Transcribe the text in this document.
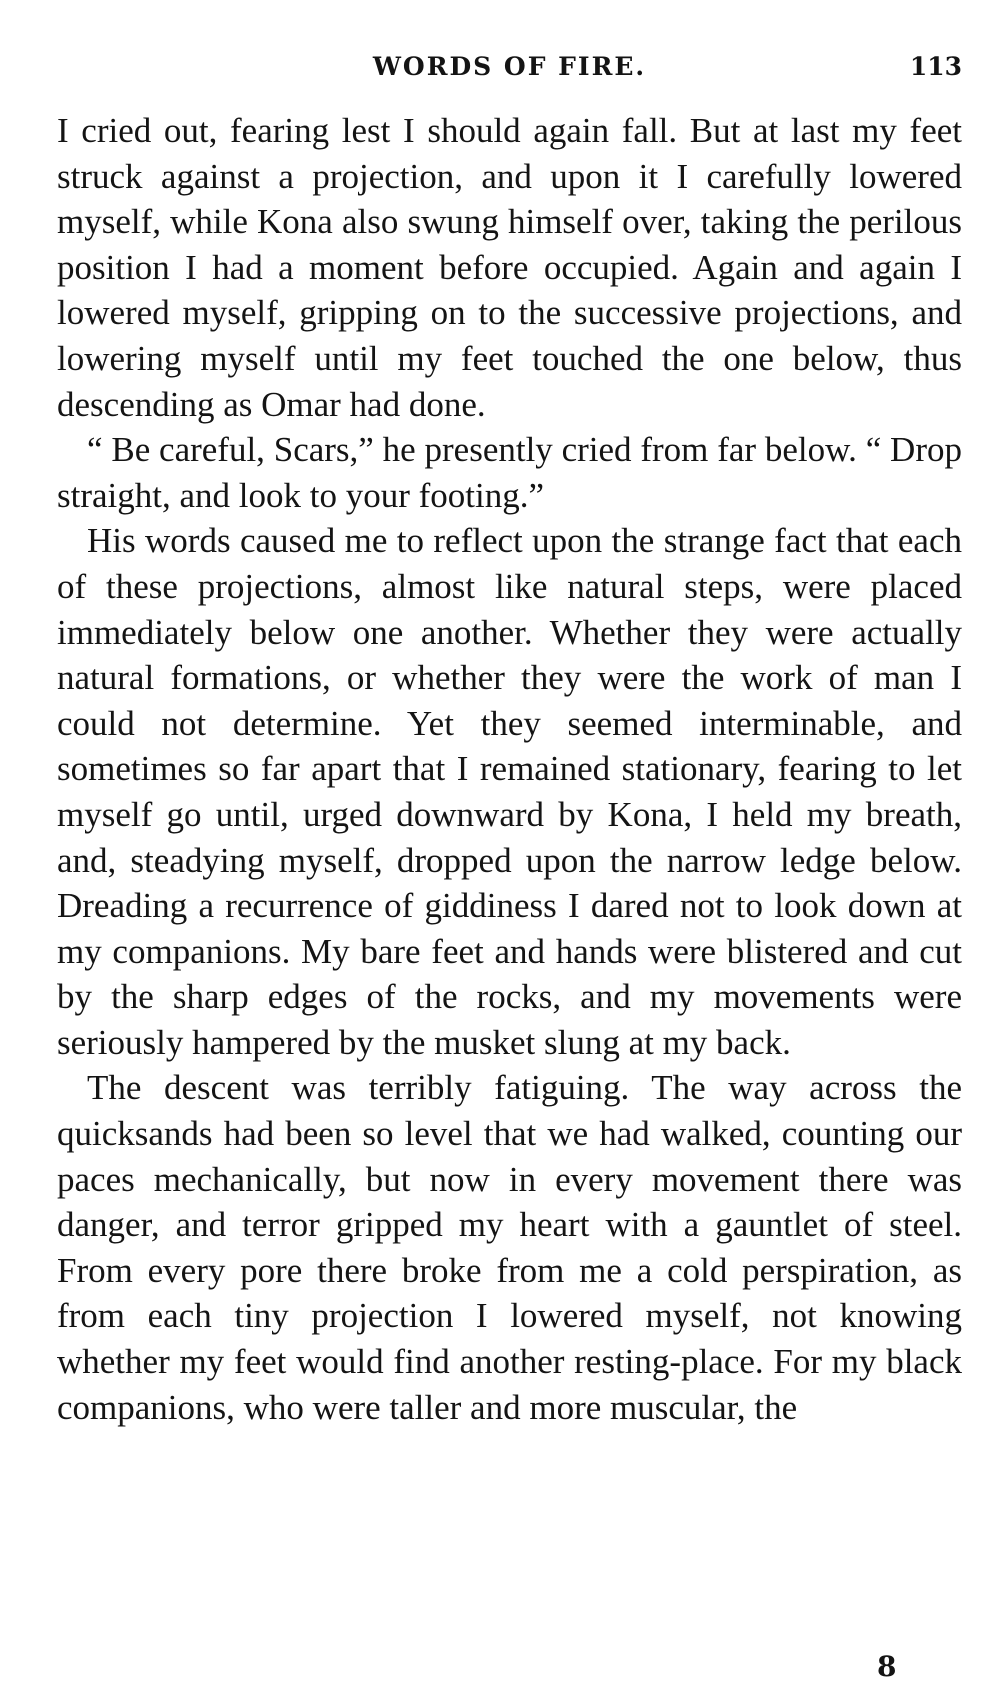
WORDS OF FIRE.	113

I cried out, fearing lest I should again fall. But at last my feet struck against a projection, and upon it I carefully lowered myself, while Kona also swung himself over, taking the perilous position I had a moment before occupied. Again and again I lowered myself, gripping on to the successive projections, and lowering myself until my feet touched the one below, thus descending as Omar had done.

“ Be careful, Scars,” he presently cried from far below. “ Drop straight, and look to your footing.”

His words caused me to reflect upon the strange fact that each of these projections, almost like natural steps, were placed immediately below one another. Whether they were actually natural formations, or whether they were the work of man I could not determine. Yet they seemed interminable, and sometimes so far apart that I remained stationary, fearing to let myself go until, urged downward by Kona, I held my breath, and, steadying myself, dropped upon the narrow ledge below. Dreading a recurrence of giddiness I dared not to look down at my companions. My bare feet and hands were blistered and cut by the sharp edges of the rocks, and my movements were seriously hampered by the musket slung at my back.

The descent was terribly fatiguing. The way across the quicksands had been so level that we had walked, counting our paces mechanically, but now in every movement there was danger, and terror gripped my heart with a gauntlet of steel. From every pore there broke from me a cold perspiration, as from each tiny projection I lowered myself, not knowing whether my feet would find another resting-place. For my black companions, who were taller and more muscular, the

8
